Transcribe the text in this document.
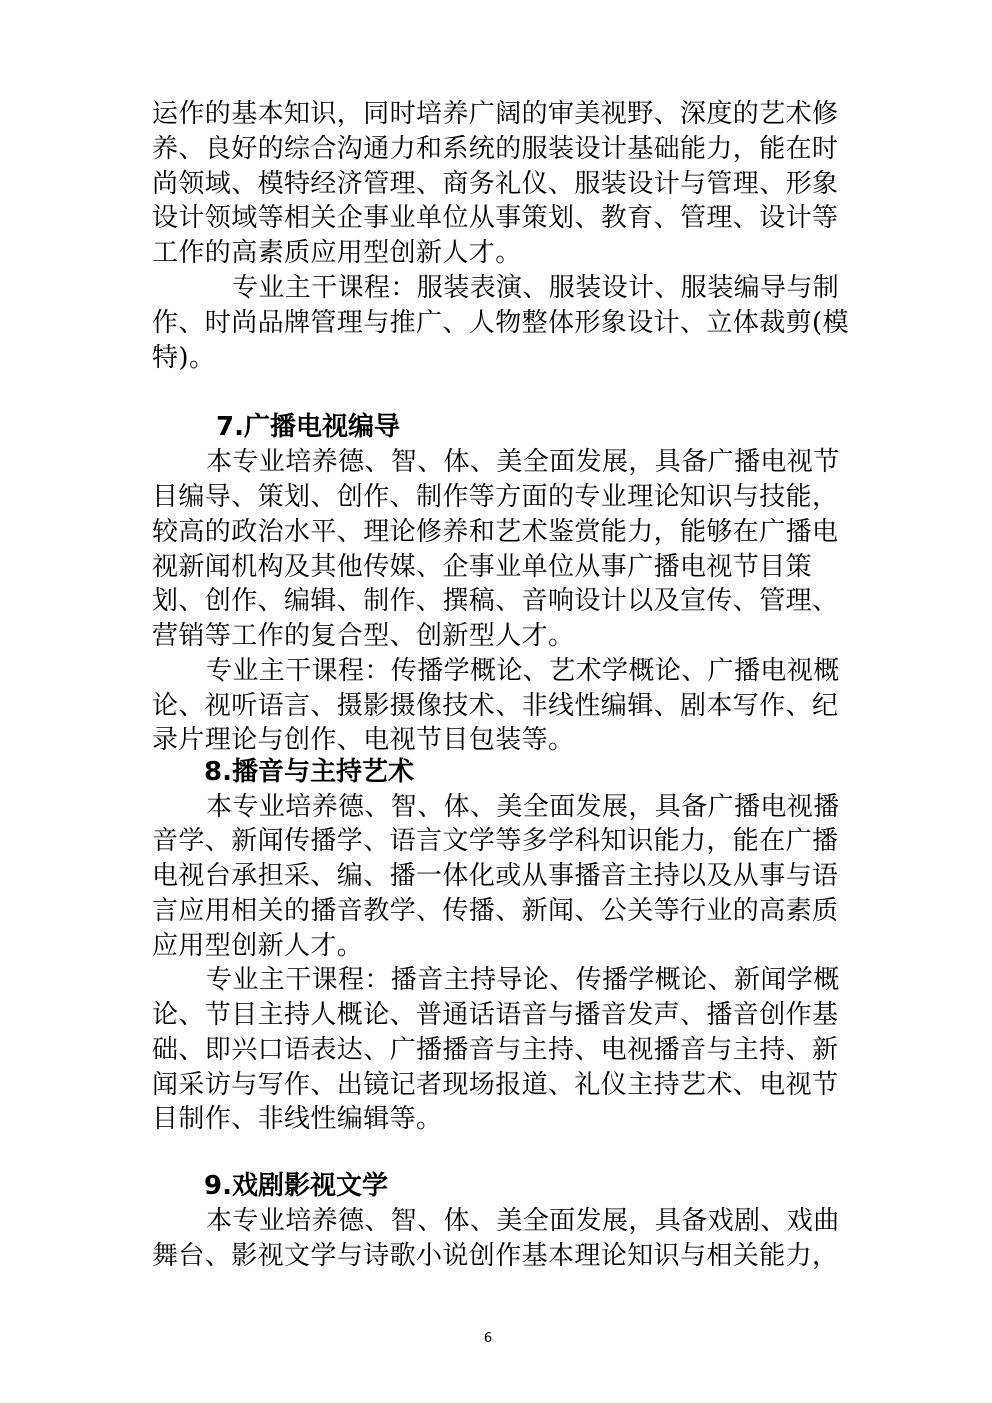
运作的基本知识，同时培养广阔的审美视野、深度的艺术修
养、良好的综合沟通力和系统的服装设计基础能力，能在时
尚领域、模特经济管理、商务礼仪、服装设计与管理、形象
设计领域等相关企事业单位从事策划、教育、管理、设计等
工作的高素质应用型创新人才。
专业主干课程：服装表演、服装设计、服装编导与制
作、时尚品牌管理与推广、人物整体形象设计、立体裁剪(模
特)。
7.广播电视编导
本专业培养德、智、体、美全面发展，具备广播电视节
目编导、策划、创作、制作等方面的专业理论知识与技能，
较高的政治水平、理论修养和艺术鉴赏能力，能够在广播电
视新闻机构及其他传媒、企事业单位从事广播电视节目策
划、创作、编辑、制作、撰稿、音响设计以及宣传、管理、
营销等工作的复合型、创新型人才。
专业主干课程：传播学概论、艺术学概论、广播电视概
论、视听语言、摄影摄像技术、非线性编辑、剧本写作、纪
录片理论与创作、电视节目包装等。
8.播音与主持艺术
本专业培养德、智、体、美全面发展，具备广播电视播
音学、新闻传播学、语言文学等多学科知识能力，能在广播
电视台承担采、编、播一体化或从事播音主持以及从事与语
言应用相关的播音教学、传播、新闻、公关等行业的高素质
应用型创新人才。
专业主干课程：播音主持导论、传播学概论、新闻学概
论、节目主持人概论、普通话语音与播音发声、播音创作基
础、即兴口语表达、广播播音与主持、电视播音与主持、新
闻采访与写作、出镜记者现场报道、礼仪主持艺术、电视节
目制作、非线性编辑等。
9.戏剧影视文学
本专业培养德、智、体、美全面发展，具备戏剧、戏曲
舞台、影视文学与诗歌小说创作基本理论知识与相关能力，
6
